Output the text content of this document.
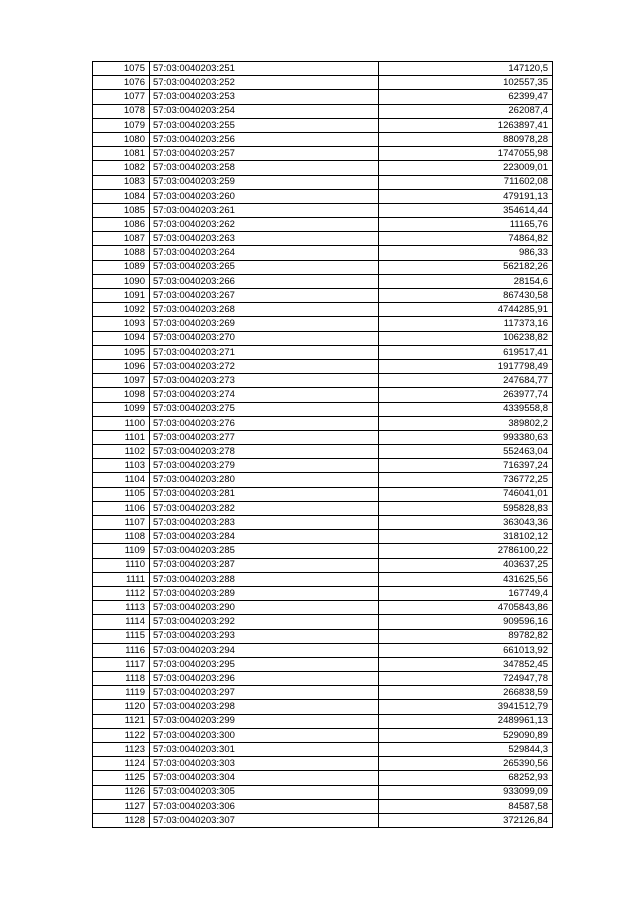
1075	57:03:0040203:251	147120,5
1076	57:03:0040203:252	102557,35
1077	57:03:0040203:253	62399,47
1078	57:03:0040203:254	262087,4
1079	57:03:0040203:255	1263897,41
1080	57:03:0040203:256	880978,28
1081	57:03:0040203:257	1747055,98
1082	57:03:0040203:258	223009,01
1083	57:03:0040203:259	711602,08
1084	57:03:0040203:260	479191,13
1085	57:03:0040203:261	354614,44
1086	57:03:0040203:262	11165,76
1087	57:03:0040203:263	74864,82
1088	57:03:0040203:264	986,33
1089	57:03:0040203:265	562182,26
1090	57:03:0040203:266	28154,6
1091	57:03:0040203:267	867430,58
1092	57:03:0040203:268	4744285,91
1093	57:03:0040203:269	117373,16
1094	57:03:0040203:270	106238,82
1095	57:03:0040203:271	619517,41
1096	57:03:0040203:272	1917798,49
1097	57:03:0040203:273	247684,77
1098	57:03:0040203:274	263977,74
1099	57:03:0040203:275	4339558,8
1100	57:03:0040203:276	389802,2
1101	57:03:0040203:277	993380,63
1102	57:03:0040203:278	552463,04
1103	57:03:0040203:279	716397,24
1104	57:03:0040203:280	736772,25
1105	57:03:0040203:281	746041,01
1106	57:03:0040203:282	595828,83
1107	57:03:0040203:283	363043,36
1108	57:03:0040203:284	318102,12
1109	57:03:0040203:285	2786100,22
1110	57:03:0040203:287	403637,25
1111	57:03:0040203:288	431625,56
1112	57:03:0040203:289	167749,4
1113	57:03:0040203:290	4705843,86
1114	57:03:0040203:292	909596,16
1115	57:03:0040203:293	89782,82
1116	57:03:0040203:294	661013,92
1117	57:03:0040203:295	347852,45
1118	57:03:0040203:296	724947,78
1119	57:03:0040203:297	266838,59
1120	57:03:0040203:298	3941512,79
1121	57:03:0040203:299	2489961,13
1122	57:03:0040203:300	529090,89
1123	57:03:0040203:301	529844,3
1124	57:03:0040203:303	265390,56
1125	57:03:0040203:304	68252,93
1126	57:03:0040203:305	933099,09
1127	57:03:0040203:306	84587,58
1128	57:03:0040203:307	372126,84
